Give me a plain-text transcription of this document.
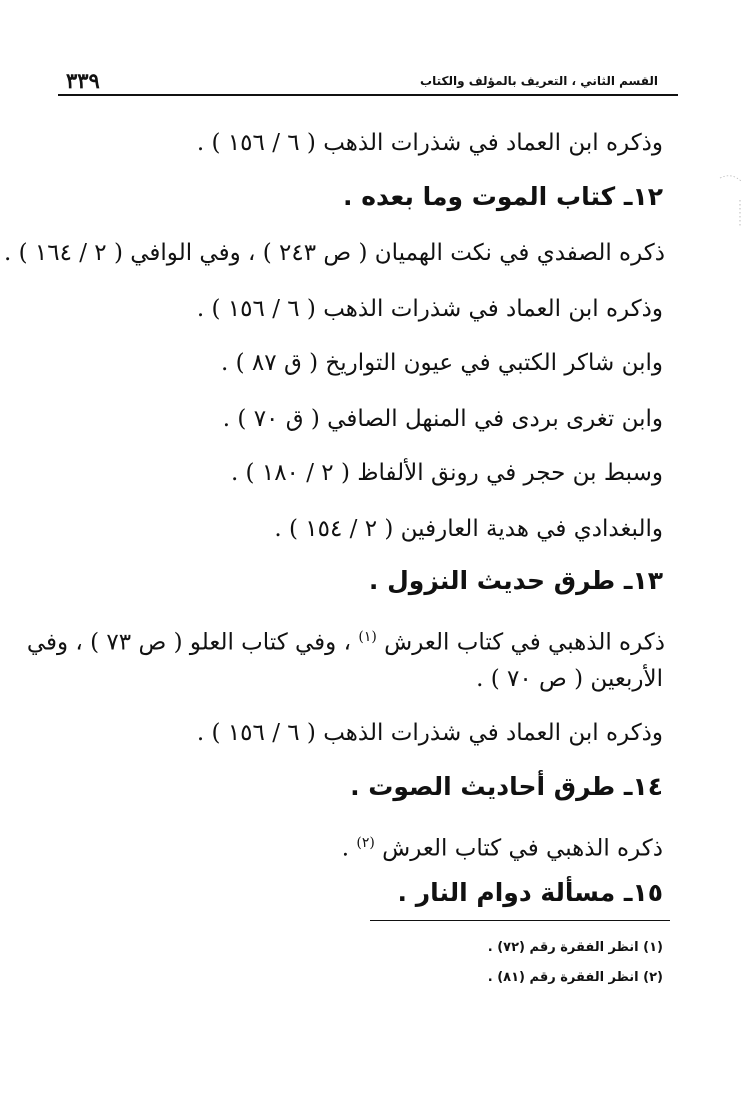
القسم الثاني ، التعريف بالمؤلف والكتاب
٣٣٩
وذكره ابن العماد في شذرات الذهب ( ٦ / ١٥٦ ) .
١٢ـ كتاب الموت وما بعده .
ذكره الصفدي في نكت الهميان ( ص ٢٤٣ ) ، وفي الوافي ( ٢ / ١٦٤ ) .
وذكره ابن العماد في شذرات الذهب ( ٦ / ١٥٦ ) .
وابن شاكر الكتبي في عيون التواريخ ( ق ٨٧ ) .
وابن تغرى بردى في المنهل الصافي ( ق ٧٠ ) .
وسبط بن حجر في رونق الألفاظ ( ٢ / ١٨٠ ) .
والبغدادي في هدية العارفين ( ٢ / ١٥٤ ) .
١٣ـ طرق حديث النزول .
ذكره الذهبي في كتاب العرش $^{(١)}$ ، وفي كتاب العلو ( ص ٧٣ ) ، وفي
الأربعين ( ص ٧٠ ) .
وذكره ابن العماد في شذرات الذهب ( ٦ / ١٥٦ ) .
١٤ـ طرق أحاديث الصوت .
ذكره الذهبي في كتاب العرش $^{(٢)}$ .
١٥ـ مسألة دوام النار .
(١) انظر الفقرة رقم (٧٢) .
(٢) انظر الفقرة رقم (٨١) .
